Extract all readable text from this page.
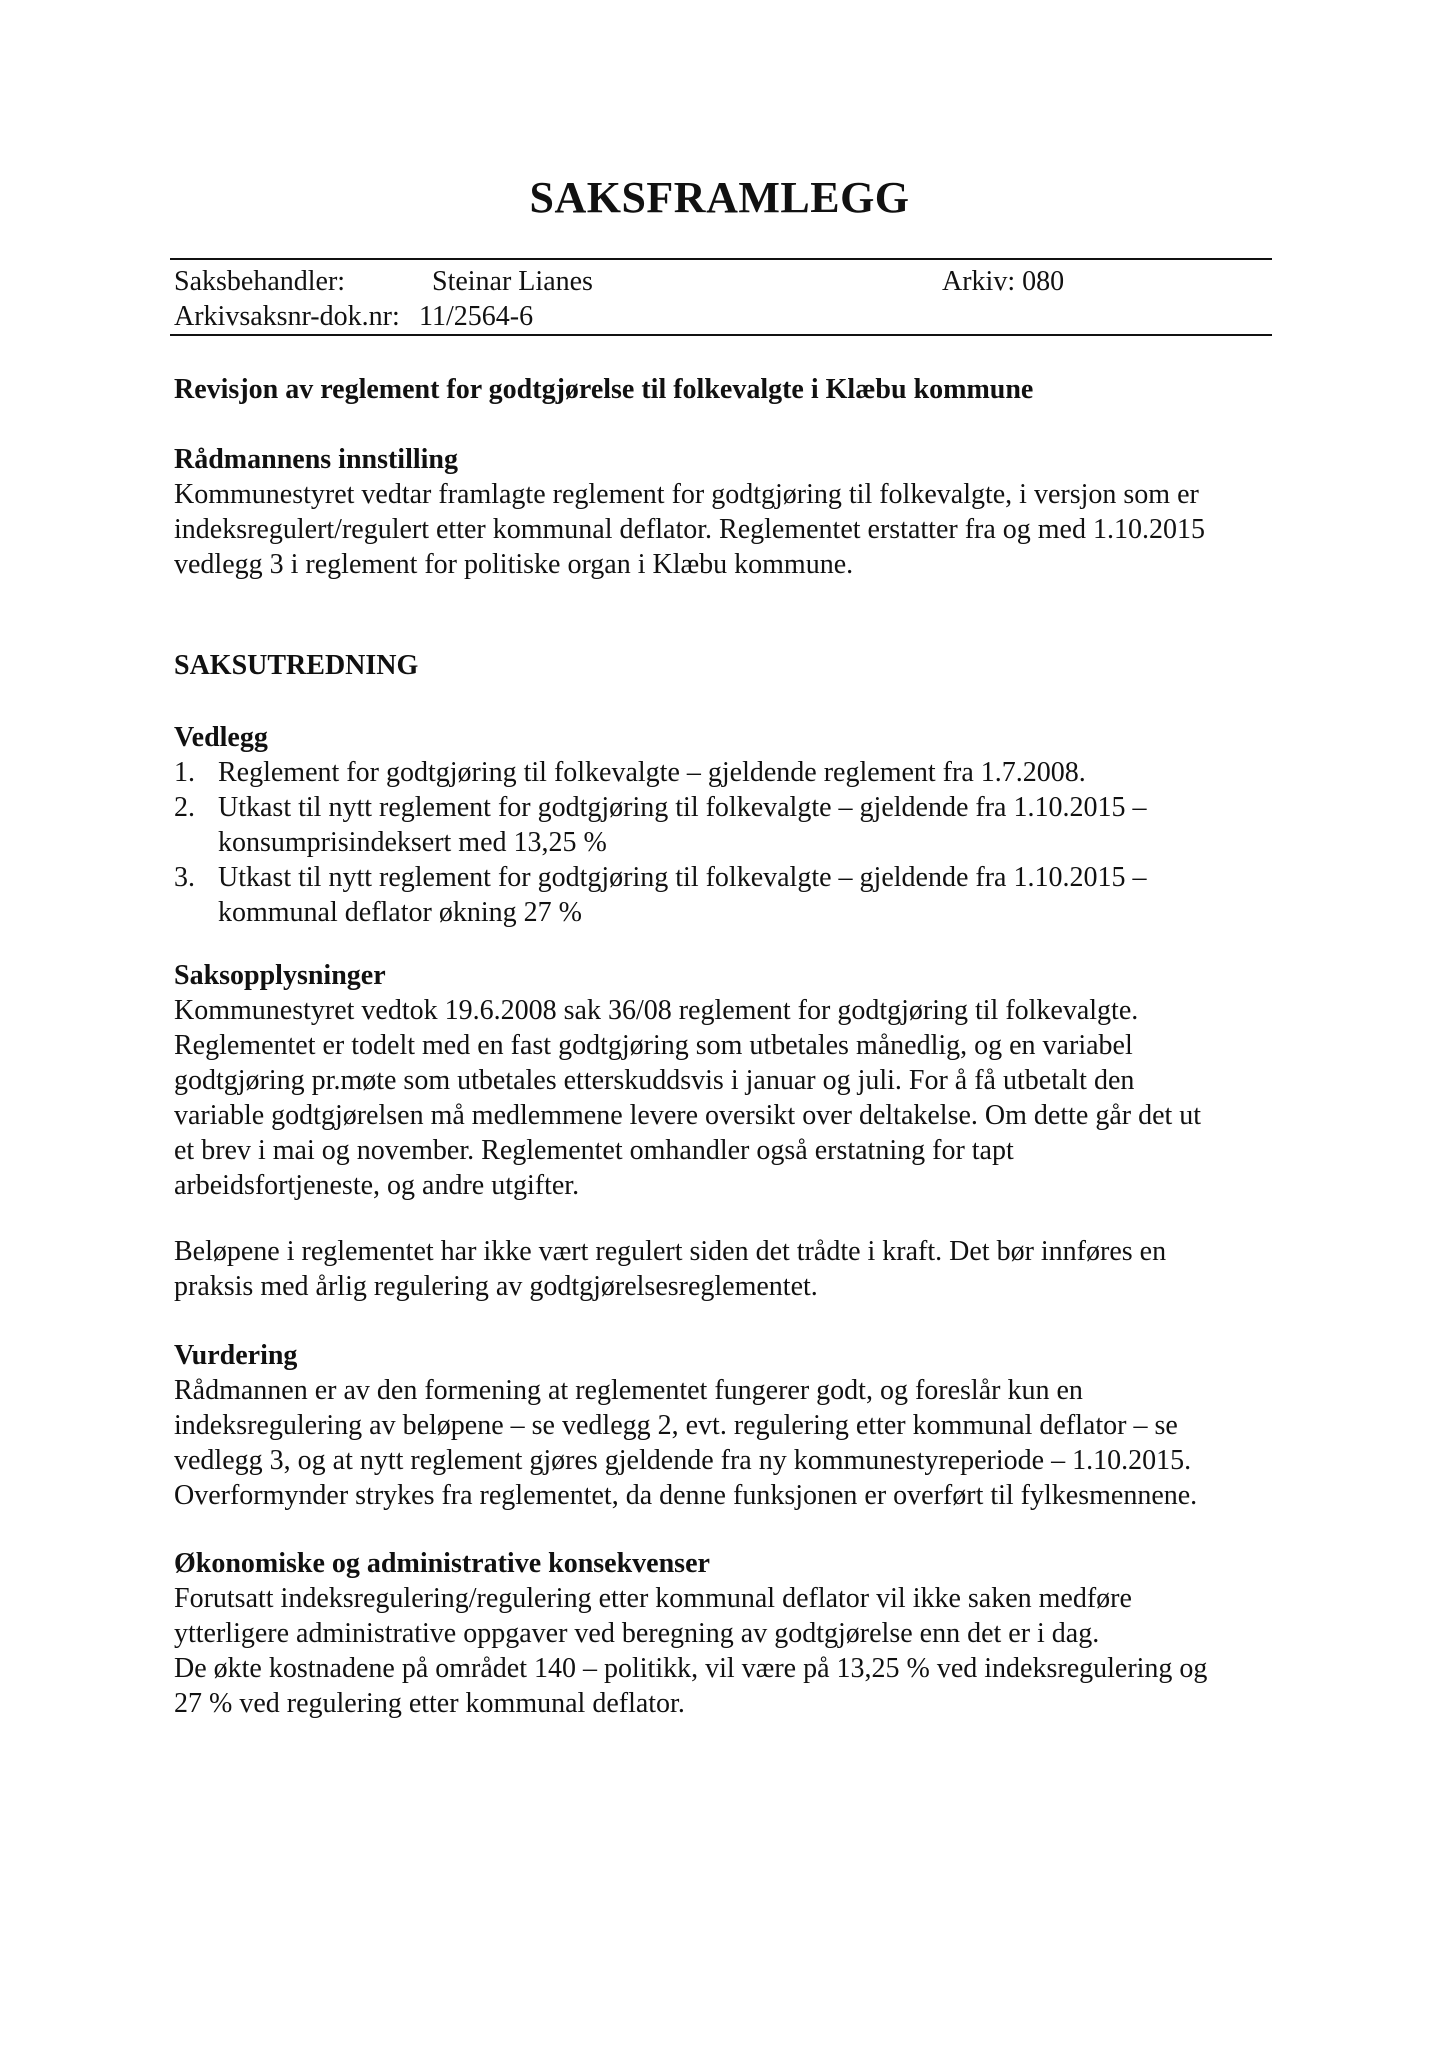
SAKSFRAMLEGG
Saksbehandler:	Steinar Lianes	Arkiv: 080
Arkivsaksnr-dok.nr: 11/2564-6

Revisjon av reglement for godtgjørelse til folkevalgte i Klæbu kommune

Rådmannens innstilling

Kommunestyret vedtar framlagte reglement for godtgjøring til folkevalgte, i versjon som er

indeksregulert/regulert etter kommunal deflator. Reglementet erstatter fra og med 1.10.2015

vedlegg 3 i reglement for politiske organ i Klæbu kommune.

SAKSUTREDNING

Vedlegg

1. Reglement for godtgjøring til folkevalgte – gjeldende reglement fra 1.7.2008.

2. Utkast til nytt reglement for godtgjøring til folkevalgte – gjeldende fra 1.10.2015 –

konsumprisindeksert med 13,25 %

3. Utkast til nytt reglement for godtgjøring til folkevalgte – gjeldende fra 1.10.2015 –

kommunal deflator økning 27 %

Saksopplysninger

Kommunestyret vedtok 19.6.2008 sak 36/08 reglement for godtgjøring til folkevalgte.

Reglementet er todelt med en fast godtgjøring som utbetales månedlig, og en variabel

godtgjøring pr.møte som utbetales etterskuddsvis i januar og juli. For å få utbetalt den

variable godtgjørelsen må medlemmene levere oversikt over deltakelse. Om dette går det ut

et brev i mai og november. Reglementet omhandler også erstatning for tapt

arbeidsfortjeneste, og andre utgifter.

Beløpene i reglementet har ikke vært regulert siden det trådte i kraft. Det bør innføres en

praksis med årlig regulering av godtgjørelsesreglementet.

Vurdering

Rådmannen er av den formening at reglementet fungerer godt, og foreslår kun en

indeksregulering av beløpene – se vedlegg 2, evt. regulering etter kommunal deflator – se

vedlegg 3, og at nytt reglement gjøres gjeldende fra ny kommunestyreperiode – 1.10.2015.

Overformynder strykes fra reglementet, da denne funksjonen er overført til fylkesmennene.

Økonomiske og administrative konsekvenser

Forutsatt indeksregulering/regulering etter kommunal deflator vil ikke saken medføre

ytterligere administrative oppgaver ved beregning av godtgjørelse enn det er i dag.

De økte kostnadene på området 140 – politikk, vil være på 13,25 % ved indeksregulering og

27 % ved regulering etter kommunal deflator.
